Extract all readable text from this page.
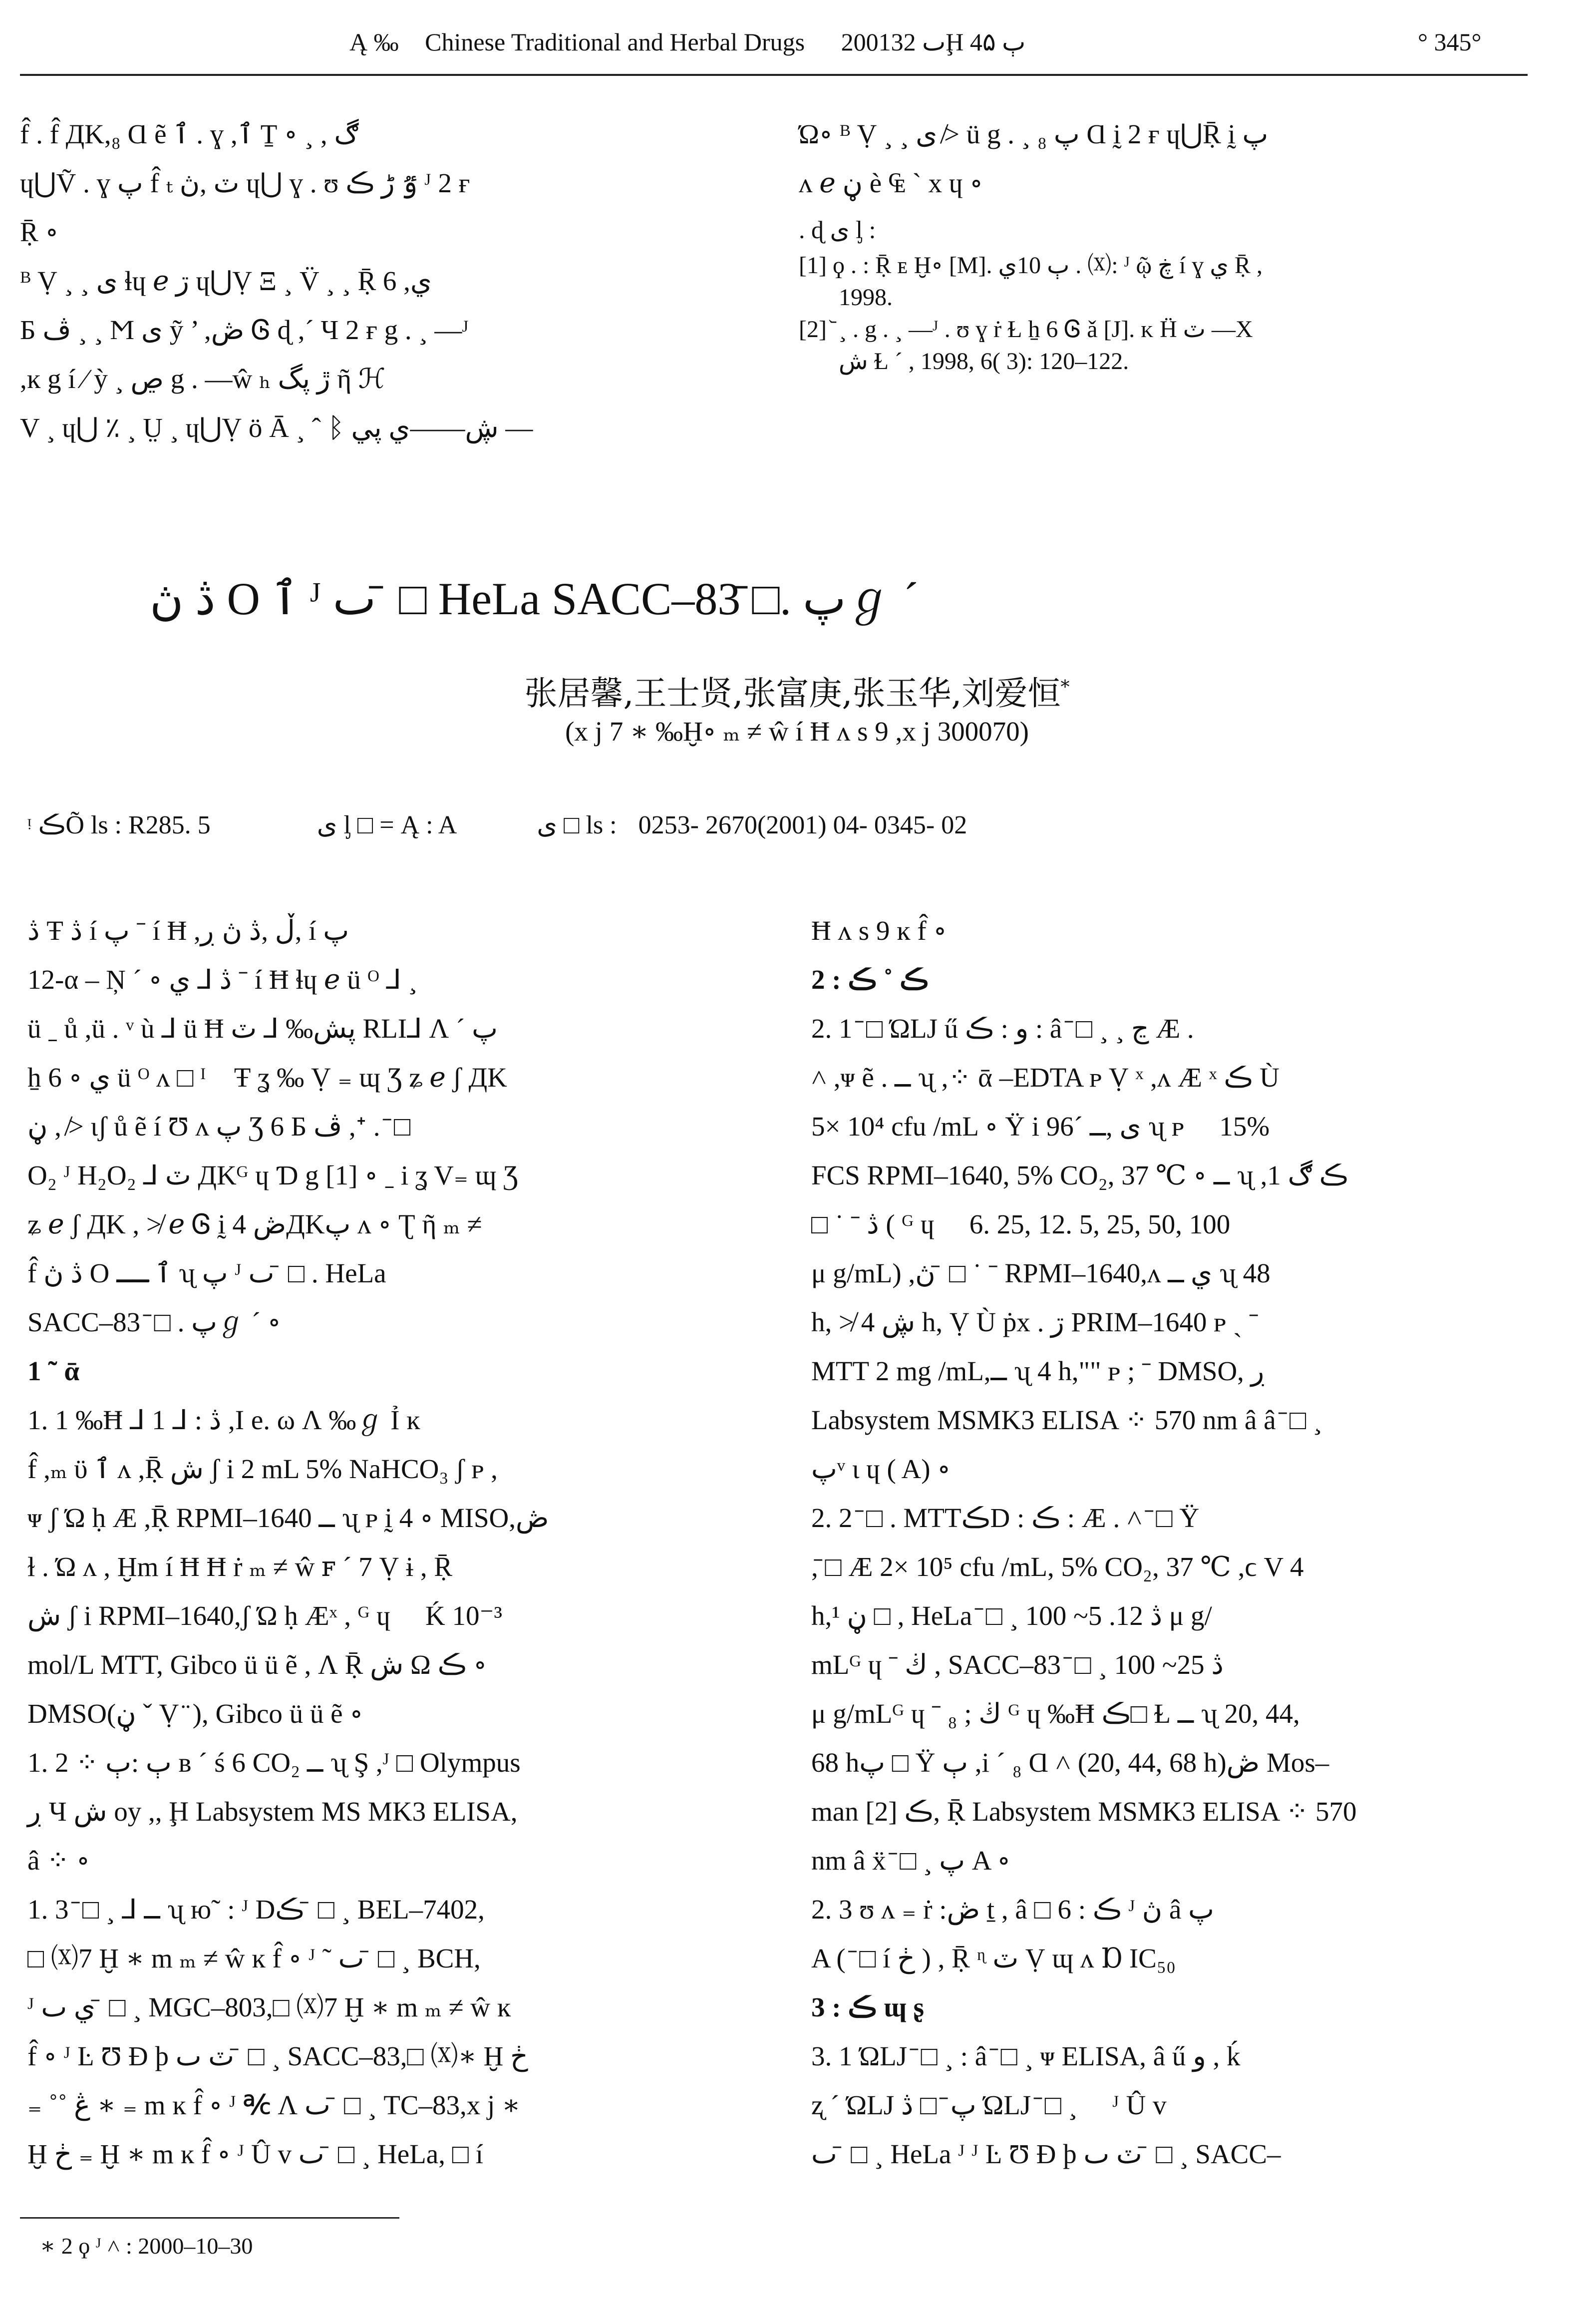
Ą ‰ Chinese Traditional and Herbal Drugs 2001ٮ 32Ḩ ٻ 4۵	° 345°
f̂ . f̂ ДK,₈ Ɑ ẽ ٱ . ɣ ,ٱ Ṯ ∘ ¸ , ڰ
ɥ⋃Ṽ . ɣ پ f̂ ₜ ٽ ,ڽ ɥ⋃ ɣ . ʊ ٷ ڑ ڪ ᴶ 2 ғ
Ṝ ∘
ᴮ Ṿ ¸ ¸ ی ɬɥ ℯ ڗ ɥ⋃Ṿ Ξ ¸ V̈ ¸ ¸ Ṝ 6 ,ي
Ƃ ڤ ¸ ¸ Ϻ ی ỹ ’ ,ڞ Ꮆ ɖ ,ˊ Ч 2 ғ g . ¸ —ᴶ
,ĸ g í ⁄ ỳ ¸ ڝ g . —ŵ ₕ ڙ پگ ῆ ℋ
V ¸ ɥ⋃ ٪ ¸ Ṳ ¸ ɥ⋃Ṿ ö Ā ¸ ˆ ᛒ ڜ——ي پي —
Ώ∘ ᴮ Ṿ ¸ ¸ ی ≯ ü g . ¸ پ ₈ Ɑ ḭ 2 ғ ɥ⋃Ṝ ḭ پ
ᴧ ℯ ڼ è ₠ ` x ɥ ∘
. ɖ ی ᶅ :
[1] ϙ . : Ṝ ᴇ Ḫ∘ [M]. ٻ 10ي . ⒳: ᴶ ῷ ڿ í ɣ ي Ṝ ,
1998.
[2] ᷅ ¸ . g . ¸ —ᴶ . ʊ ɣ ṙ Ɫ ẖ 6 Ꮆ ǎ [J]. ᴋ Ḧ ٽ —X
ش Ɫ ˊ , 1998, 6( 3): 120–122.
ڎ ڽ O ٱ ᴶ ٮ ̄ □ HeLa SACC–83̄ □. پℊ ˊ
张居馨,王士贤,张富庚,张玉华,刘爱恒*
(x j 7 ∗ ‰Ḫ∘ ₘ ≠ ŵ í Ħ ᴧ s 9 ,x j 300070)
ᵎ ڪÕ ls : R285. 5	ی ᶅ □ = Ą : A	ی □ ls : 0253- 2670(2001) 04- 0345- 02
ڎ Ŧ ڎ í پ ˉ í Ħ ,ڵ ,ڎ ڽ ڔ, í پ
12-α – Ņ ˊ ∘ ڎ ⅃ ي ˉ í Ħ ɬɥ ℯ ü ᴼ ⅃ ¸
ü ˍ ů ,ü . ᵛ ù ⅃ ü Ħ پش‰ ⅃ ٽ RLI⅃ Ʌ ˊ پ
ẖ 6 ∘ ي ü ᴼ ᴧ □ ᴵ ᷠŦ ʓ ‰ Ṿ ₌ ɰ Ʒ ʑ ℯ ʃ ДK
ڼ , ≯ ɩʃ ů ẽ í Ʊ ᴧ پ Ʒ 6 Ƃ ڤ ,ᐩ . ̄ □
O₂ ᴶ H₂O₂ ⅃ ٽ ДKᴳ ɥ Ɗ g [1] ∘ ˍ i ʓ V₌ ɰ Ʒ
ʑ ℯ ʃ ДK , ≯ ℯ Ꮆ ḭ 4 ڞДKپ ᴧ ∘ Ʈ ῆ ₘ ≠
f̂ ڎ ڽ O ٱ ــ ʯ پ ᴶ ٮ ̄ □ . HeLa
SACC–83 ̄ □ . پℊ ˊ ∘
1 ˜ ᾱ
1. 1 ‰Ħ ⅃ 1 ⅃ : ڎ ,I e. ω Ʌ ‰ℊ Ỉ ĸ
f̂ ,ₘ ϋ ٱ ᴧ ,Ṝ ش ʃ i 2 mL 5% NaHCO₃ ʃ ᴘ ,
ᴪ ʃ Ώ ḥ Æ ,Ṝ RPMI–1640 ــ ʯ ᴘ ḭ 4 ∘ MISO,ڞ
ɫ . Ώ ᴧ , Ḫm í Ħ Ħ ṙ ₘ ≠ ŵ ꜰ ˊ 7 Ṿ ɨ , Ṝ
ش ʃ i RPMI–1640,ʃ Ώ ḥ Æˣ , ᴳ ɥ ᷠ Ḱ 10⁻³
mol/L MTT, Gibco ü ü ẽ , Ʌ Ṝ ش Ω ڪ ∘
DMSO(ڼ ˇ Ṿ ̈ ), Gibco ü ü ẽ ∘
1. 2 ⁘ ٻ :ٻ ʙ ˊ ś 6 CO₂ ــ ʯ Ş ,ᴶ □ Olympus
ڔ Ч ش oy ,, Ḩ Labsystem MS MK3 ELISA,
â ⁘ ∘
1. 3 ̄ □ ¸ ⅃ ــ ʯ ю˜ : ᴶ Dڪ ̄ □ ¸ BEL–7402,
□ ⒳7 Ḫ ∗ m ₘ ≠ ŵ ĸ f̂ ∘ ᴶ ˜ ٮ ̄ □ ¸ BCH,
ᴶ ي ٮ ̄ □ ¸ MGC–803,□ ⒳7 Ḫ ∗ m ₘ ≠ ŵ ĸ
f̂ ∘ ᴶ Ŀ Ʊ Ɖ þ ٽ ٮ ̄ □ ¸ SACC–83,□ ⒳∗ Ḫ ڂ
₌ ˚˚ ڠ ∗ ₌ m ĸ f̂ ∘ ᴶ ℀ Ʌ ٮ ̄ □ ¸ TC–83,x j ∗
Ḫ ڂ ₌ Ḫ ∗ m ĸ f̂ ∘ ᴶ Û v ٮ ̄ □ ¸ HeLa, □ í
Ħ ᴧ s 9 ĸ f̂ ∘
2 : ڪ ˚ ڪ
2. 1 ̄ □ ΏLJ ű و : ڪ : â ̄ □ ¸ ¸ ڃ Æ .
˄ ,ᴪ ẽ . ــ ʯ ,⁘ ᾱ –EDTA ᴘ Ṿ ˣ ,ᴧ Æ ˣ ڪ Ù
5× 10⁴ cfu /mL ∘ Ÿ i 96ˊ ی ,ــ ʯ ᴘ ᷠ 15%
FCS RPMI–1640, 5% CO₂, 37 ℃ ∘ ــ ʯ ,1 ڪ ڰ
□ ˙ ˉ ڎ ( ᴳ ɥ ᷠ 6. 25, 12. 5, 25, 50, 100
μ g/mL) ,ڽ ̄ □ ˙ ˉ RPMI–1640,ᴧ ي ــ ʯ 48
h, ≯ ڜ 4 h, Ṿ Ù ṗx . ڗ PRIM–1640 ᴘ ˏ ˉ
MTT 2 mg /mL,ــ ʯ 4 h,"" ᴘ ; ˉ DMSO, ڔ
Labsystem MSMK3 ELISA ⁘ 570 nm â â ̄ □ ¸
پᵛ ɩ ɥ ( A) ∘
2. 2 ̄ □ . MTTڪD : ڪ : Æ . ˄ ̄ □ Ÿ
,̄ □ Æ 2× 10⁵ cfu /mL, 5% CO₂, 37 ℃ ,ϲ V 4
h,ڼ ¹ □ , HeLa ̄ □ ¸ ڎ 12. 5~ 100 μ g/
mLᴳ ɥ ˉ ڬ , SACC–83 ̄ □ ¸ ڎ 25~ 100
μ g/mLᴳ ɥ ˉ ڬ ; ₈ ᴳ ɥ ‰Ħ ڪ□ Ɫ ــ ʯ 20, 44,
68 hپ □ Ÿ ٻ ,i ˊ ₈ Ɑ ˄ (20, 44, 68 h)ڞ Mos–
man ڪ [2], Ṝ Labsystem MSMK3 ELISA ⁘ 570
nm â ẍ ̄ □ ¸ پ A ∘
2. 3 ʊ ᴧ ₌ ṙ :ڞ ṯ , â □ 6 : ڪ ᴶ ڽ â پ
A ( ̄ □ í ڂ ) , Ṝ ᶯ ٽ Ṿ ɰ ᴧ Ɒ IC₅₀
3 : ڪ ɰ ʂ
3. 1 ΏLJ ̄ □ ¸ : â ̄ □ ¸ ᴪ ELISA, â ű و , ḱ
ʐ ˊ ΏLJ پ ̄ □ ڎ ΏLJ ̄ □ ¸ ᷠ ᴶ Û v
ٮ ̄ □ ¸ HeLa ᴶ ᴶ Ŀ Ʊ Ɖ þ ٽ ٮ ̄ □ ¸ SACC–
∗ 2 ϙ ᴶ ˄ : 2000–10–30
